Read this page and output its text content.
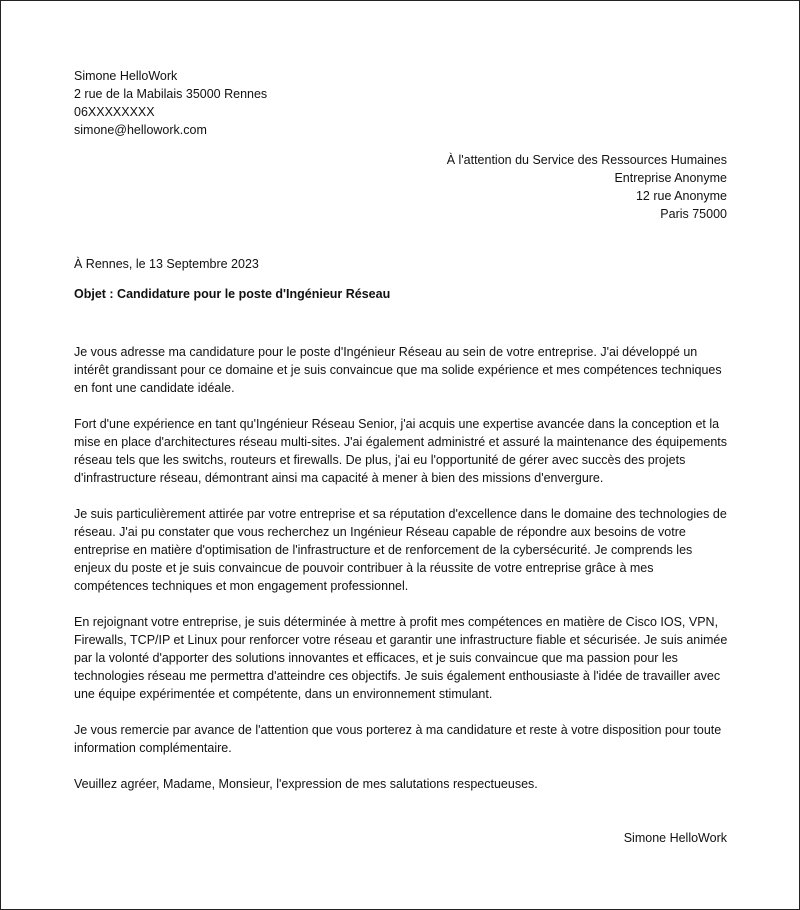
Simone HelloWork
2 rue de la Mabilais 35000 Rennes
06XXXXXXXX
simone@hellowork.com
À l'attention du Service des Ressources Humaines
Entreprise Anonyme
12 rue Anonyme
Paris 75000
À Rennes, le 13 Septembre 2023
Objet : Candidature pour le poste d'Ingénieur Réseau

Je vous adresse ma candidature pour le poste d'Ingénieur Réseau au sein de votre entreprise. J'ai développé un intérêt grandissant pour ce domaine et je suis convaincue que ma solide expérience et mes compétences techniques en font une candidate idéale.

Fort d'une expérience en tant qu'Ingénieur Réseau Senior, j'ai acquis une expertise avancée dans la conception et la mise en place d'architectures réseau multi-sites. J'ai également administré et assuré la maintenance des équipements réseau tels que les switchs, routeurs et firewalls. De plus, j'ai eu l'opportunité de gérer avec succès des projets d'infrastructure réseau, démontrant ainsi ma capacité à mener à bien des missions d'envergure.

Je suis particulièrement attirée par votre entreprise et sa réputation d'excellence dans le domaine des technologies de réseau. J'ai pu constater que vous recherchez un Ingénieur Réseau capable de répondre aux besoins de votre entreprise en matière d'optimisation de l'infrastructure et de renforcement de la cybersécurité. Je comprends les enjeux du poste et je suis convaincue de pouvoir contribuer à la réussite de votre entreprise grâce à mes compétences techniques et mon engagement professionnel.

En rejoignant votre entreprise, je suis déterminée à mettre à profit mes compétences en matière de Cisco IOS, VPN, Firewalls, TCP/IP et Linux pour renforcer votre réseau et garantir une infrastructure fiable et sécurisée. Je suis animée par la volonté d'apporter des solutions innovantes et efficaces, et je suis convaincue que ma passion pour les technologies réseau me permettra d'atteindre ces objectifs. Je suis également enthousiaste à l'idée de travailler avec une équipe expérimentée et compétente, dans un environnement stimulant.

Je vous remercie par avance de l'attention que vous porterez à ma candidature et reste à votre disposition pour toute information complémentaire.

Veuillez agréer, Madame, Monsieur, l'expression de mes salutations respectueuses.

Simone HelloWork
